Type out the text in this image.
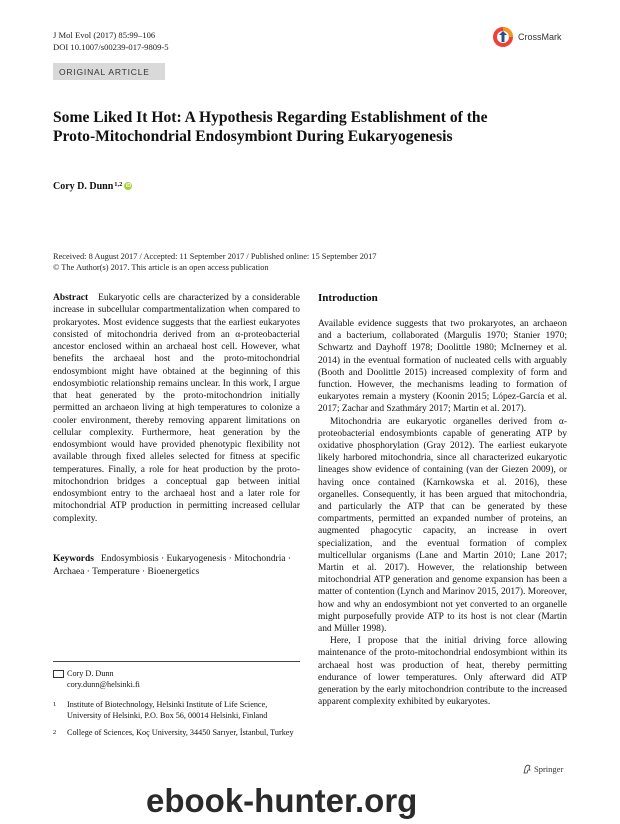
J Mol Evol (2017) 85:99–106
DOI 10.1007/s00239-017-9809-5
CrossMark
ORIGINAL ARTICLE
Some Liked It Hot: A Hypothesis Regarding Establishment of the Proto-Mitochondrial Endosymbiont During Eukaryogenesis
Cory D. Dunn$^{1,2}$ iD
Received: 8 August 2017 / Accepted: 11 September 2017 / Published online: 15 September 2017
© The Author(s) 2017. This article is an open access publication
Abstract Eukaryotic cells are characterized by a considerable increase in subcellular compartmentalization when compared to prokaryotes. Most evidence suggests that the earliest eukaryotes consisted of mitochondria derived from an α-proteobacterial ancestor enclosed within an archaeal host cell. However, what benefits the archaeal host and the proto-mitochondrial endosymbiont might have obtained at the beginning of this endosymbiotic relationship remains unclear. In this work, I argue that heat generated by the proto-mitochondrion initially permitted an archaeon living at high temperatures to colonize a cooler environment, thereby removing apparent limitations on cellular complexity. Furthermore, heat generation by the endosymbiont would have provided phenotypic flexibility not available through fixed alleles selected for fitness at specific temperatures. Finally, a role for heat production by the proto-mitochondrion bridges a conceptual gap between initial endosymbiont entry to the archaeal host and a later role for mitochondrial ATP production in permitting increased cellular complexity.
Keywords Endosymbiosis · Eukaryogenesis · Mitochondria · Archaea · Temperature · Bioenergetics
Cory D. Dunn
cory.dunn@helsinki.fi
1 Institute of Biotechnology, Helsinki Institute of Life Science, University of Helsinki, P.O. Box 56, 00014 Helsinki, Finland
2 College of Sciences, Koç University, 34450 Sarıyer, İstanbul, Turkey
Introduction

Available evidence suggests that two prokaryotes, an archaeon and a bacterium, collaborated (Margulis 1970; Stanier 1970; Schwartz and Dayhoff 1978; Doolittle 1980; McInerney et al. 2014) in the eventual formation of nucleated cells with arguably (Booth and Doolittle 2015) increased complexity of form and function. However, the mechanisms leading to formation of eukaryotes remain a mystery (Koonin 2015; López-García et al. 2017; Zachar and Szathmáry 2017; Martin et al. 2017).

Mitochondria are eukaryotic organelles derived from α-proteobacterial endosymbionts capable of generating ATP by oxidative phosphorylation (Gray 2012). The earliest eukaryote likely harbored mitochondria, since all characterized eukaryotic lineages show evidence of containing (van der Giezen 2009), or having once contained (Karnkowska et al. 2016), these organelles. Consequently, it has been argued that mitochondria, and particularly the ATP that can be generated by these compartments, permitted an expanded number of proteins, an augmented phagocytic capacity, an increase in overt specialization, and the eventual formation of complex multicellular organisms (Lane and Martin 2010; Lane 2017; Martin et al. 2017). However, the relationship between mitochondrial ATP generation and genome expansion has been a matter of contention (Lynch and Marinov 2015, 2017). Moreover, how and why an endosymbiont not yet converted to an organelle might purposefully provide ATP to its host is not clear (Martin and Müller 1998).

Here, I propose that the initial driving force allowing maintenance of the proto-mitochondrial endosymbiont within its archaeal host was production of heat, thereby permitting endurance of lower temperatures. Only afterward did ATP generation by the early mitochondrion contribute to the increased apparent complexity exhibited by eukaryotes.

Springer
ebook-hunter.org
